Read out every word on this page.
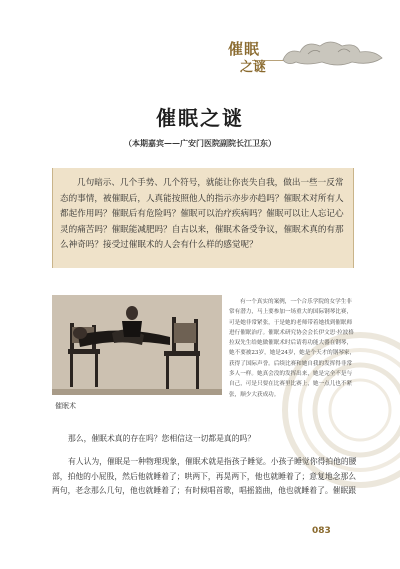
催眠
之谜
催眠之谜
（本期嘉宾——广安门医院副院长江卫东）

几句暗示、几个手势、几个符号，就能让你丧失自我，做出一些一反常态的事情，被催眠后，人真能按照他人的指示亦步亦趋吗？催眠术对所有人都起作用吗？催眠后有危险吗？催眠可以治疗疾病吗？催眠可以让人忘记心灵的痛苦吗？催眠能减肥吗？自古以来，催眠术备受争议，催眠术真的有那么神奇吗？接受过催眠术的人会有什么样的感觉呢？

催眠术

有一个真实的案例，一个合乐学院的女学生非常有潜力，马上要参加一场重大的国际钢琴比赛，可是她非常紧张，于是她的老师带着她找到催眠师进行催眠治疗。催眠术研究协会会长伊文思·拉波格拉双先生给她做催眠术时后请将功能大器在钢琴，她不要被23岁，她是24岁，她是个天才的钢琴家，获得了国际声誉。后续比赛和她自我的发挥得非常多人一样。她真会没的发挥出来，她是完全不是与自己，可是只要在比赛里比赛上，她一点儿也不紧张，顺少大获成功。

那么，催眠术真的存在吗？您相信这一切都是真的吗？

有人认为，催眠是一种物理现象，催眠术就是指孩子睡觉。小孩子睡觉你得拍他的腰部，拍他的小屁股，然后他就睡着了；哄两下，再晃两下，他也就睡着了；意复地念那么两句，老念那么几句，他也就睡着了；有时候唱首歌，唱摇篮曲，他也就睡着了。催眠跟

083
